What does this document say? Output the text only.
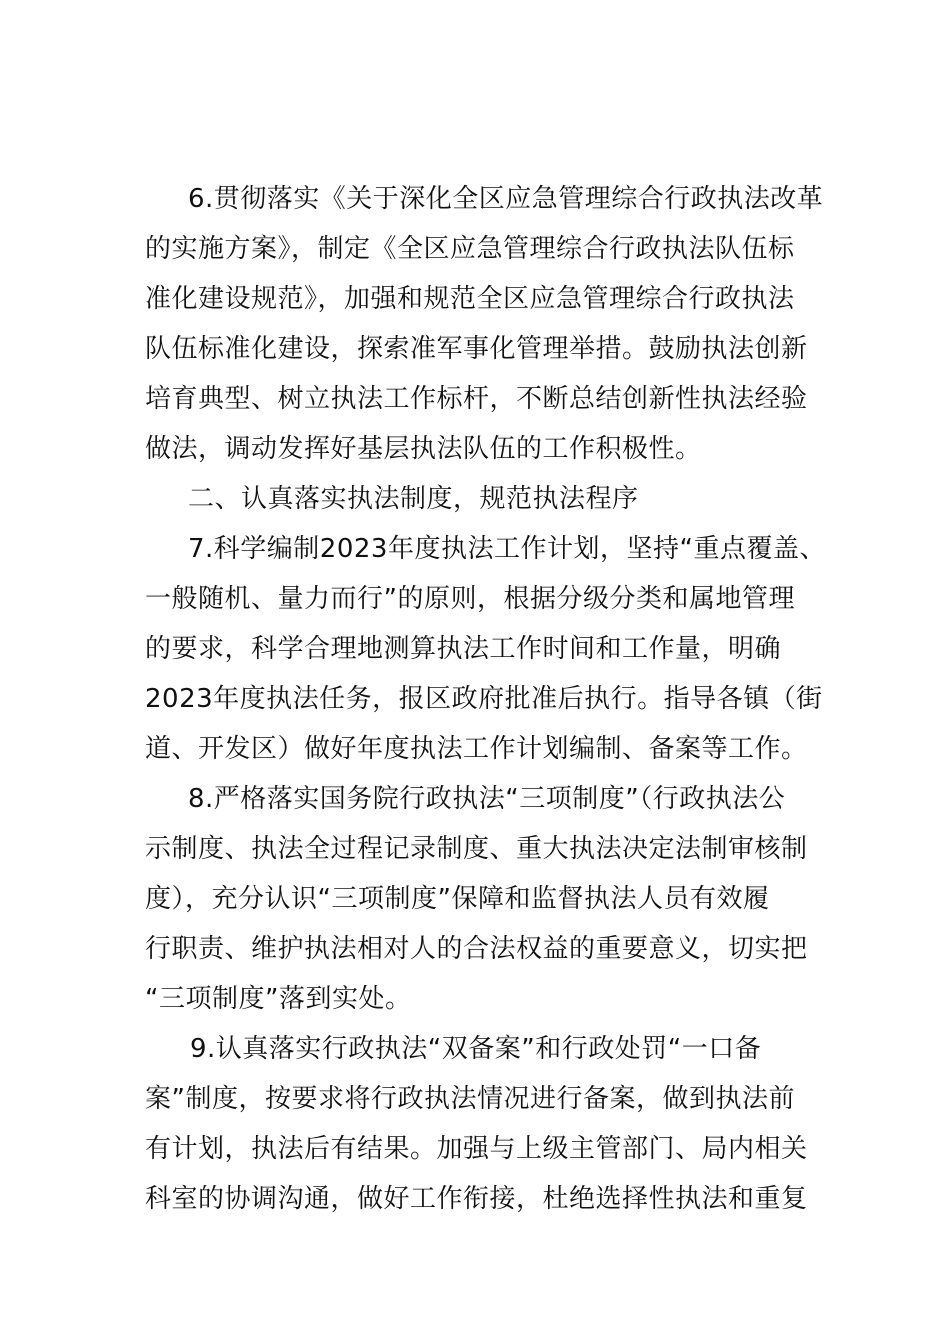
6.贯彻落实《关于深化全区应急管理综合行政执法改革
的实施方案》，制定《全区应急管理综合行政执法队伍标
准化建设规范》，加强和规范全区应急管理综合行政执法
队伍标准化建设，探索准军事化管理举措。鼓励执法创新
培育典型、树立执法工作标杆，不断总结创新性执法经验
做法，调动发挥好基层执法队伍的工作积极性。
二、认真落实执法制度，规范执法程序
7.科学编制2023年度执法工作计划，坚持“重点覆盖、
一般随机、量力而行”的原则，根据分级分类和属地管理
的要求，科学合理地测算执法工作时间和工作量，明确
2023年度执法任务，报区政府批准后执行。指导各镇（街
道、开发区）做好年度执法工作计划编制、备案等工作。
8.严格落实国务院行政执法“三项制度”（行政执法公
示制度、执法全过程记录制度、重大执法决定法制审核制
度），充分认识“三项制度”保障和监督执法人员有效履
行职责、维护执法相对人的合法权益的重要意义，切实把
“三项制度”落到实处。
9.认真落实行政执法“双备案”和行政处罚“一口备
案”制度，按要求将行政执法情况进行备案，做到执法前
有计划，执法后有结果。加强与上级主管部门、局内相关
科室的协调沟通，做好工作衔接，杜绝选择性执法和重复
